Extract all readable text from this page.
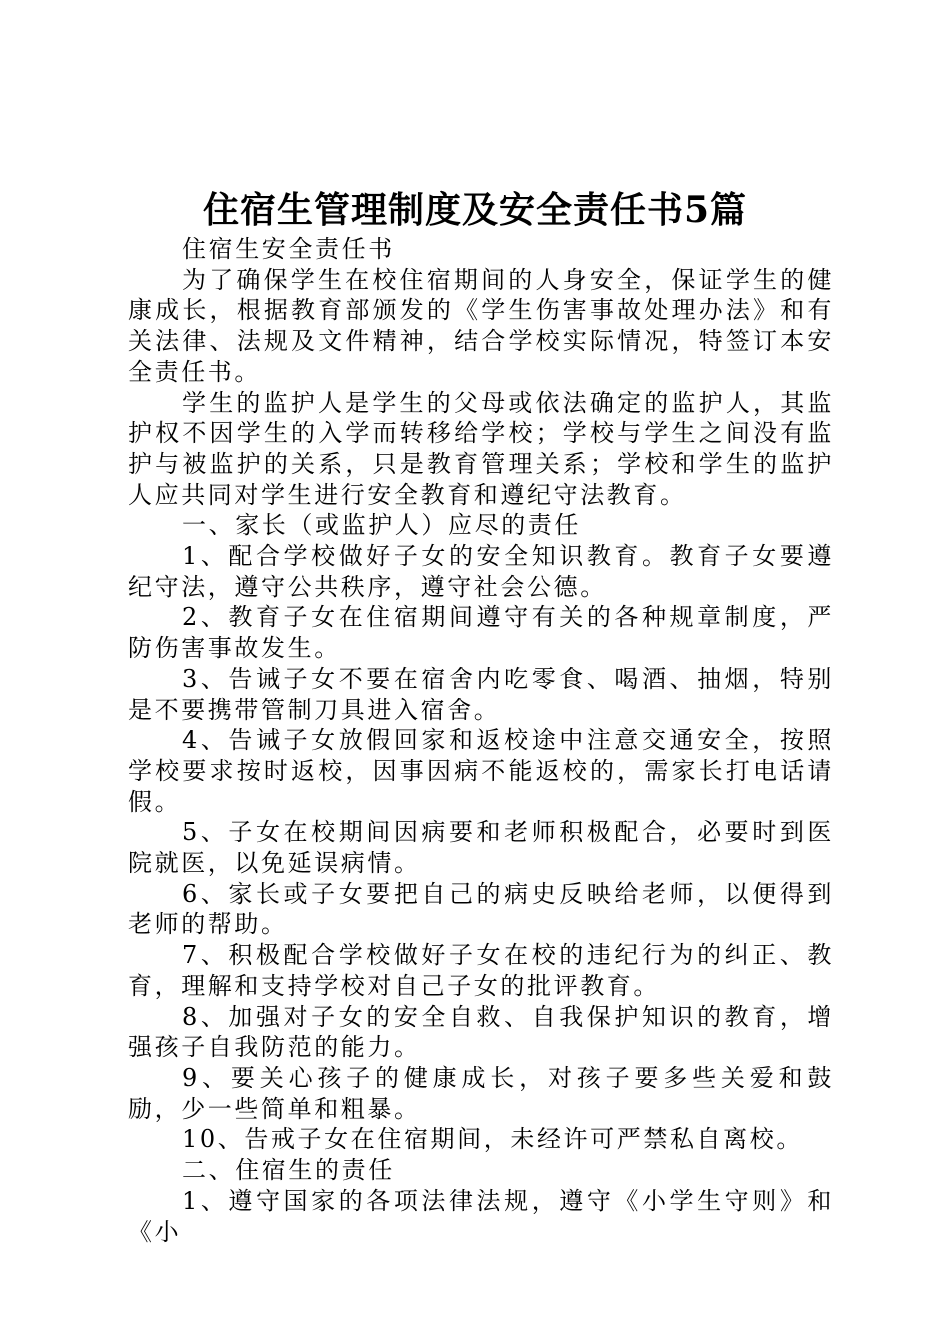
住宿生管理制度及安全责任书5篇

住宿生安全责任书

为了确保学生在校住宿期间的人身安全，保证学生的健康成长，根据教育部颁发的《学生伤害事故处理办法》和有关法律、法规及文件精神，结合学校实际情况，特签订本安全责任书。

学生的监护人是学生的父母或依法确定的监护人，其监护权不因学生的入学而转移给学校；学校与学生之间没有监护与被监护的关系，只是教育管理关系；学校和学生的监护人应共同对学生进行安全教育和遵纪守法教育。

一、家长（或监护人）应尽的责任

1、配合学校做好子女的安全知识教育。教育子女要遵纪守法，遵守公共秩序，遵守社会公德。

2、教育子女在住宿期间遵守有关的各种规章制度，严防伤害事故发生。

3、告诫子女不要在宿舍内吃零食、喝酒、抽烟，特别是不要携带管制刀具进入宿舍。

4、告诫子女放假回家和返校途中注意交通安全，按照学校要求按时返校，因事因病不能返校的，需家长打电话请假。

5、子女在校期间因病要和老师积极配合，必要时到医院就医，以免延误病情。

6、家长或子女要把自己的病史反映给老师，以便得到老师的帮助。

7、积极配合学校做好子女在校的违纪行为的纠正、教育，理解和支持学校对自己子女的批评教育。

8、加强对子女的安全自救、自我保护知识的教育，增强孩子自我防范的能力。

9、要关心孩子的健康成长，对孩子要多些关爱和鼓励，少一些简单和粗暴。

10、告戒子女在住宿期间，未经许可严禁私自离校。

二、住宿生的责任

1、遵守国家的各项法律法规，遵守《小学生守则》和《小
